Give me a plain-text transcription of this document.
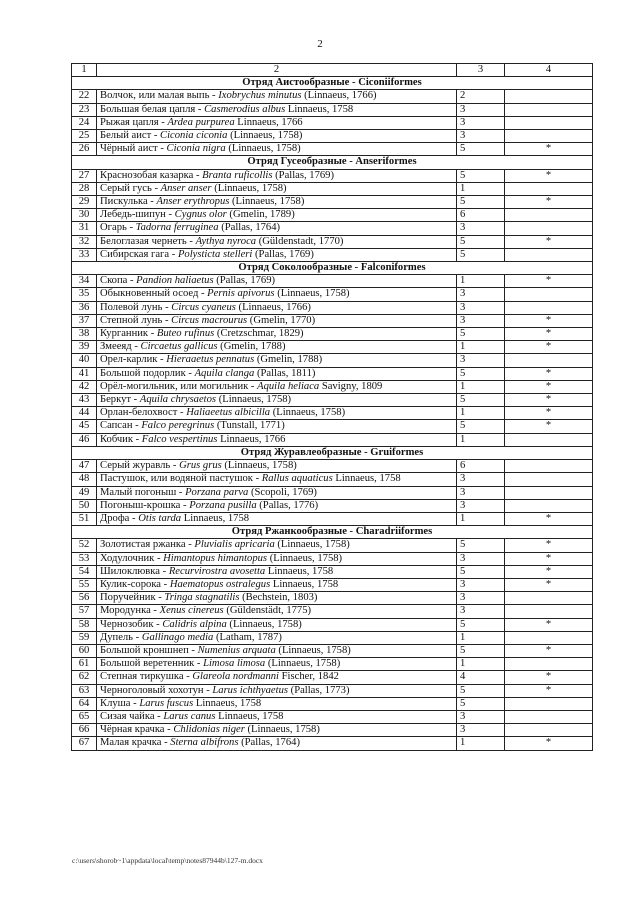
2
1	2	3	4
Отряд Аистообразные - Ciconiiformes			
22	Волчок, или малая выпь - Ixobrychus minutus (Linnaeus, 1766)	2	
23	Большая белая цапля - Casmerodius albus Linnaeus, 1758	3	
24	Рыжая цапля - Ardea purpurea Linnaeus, 1766	3	
25	Белый аист - Ciconia ciconia (Linnaeus, 1758)	3	
26	Чёрный аист - Ciconia nigra (Linnaeus, 1758)	5	*
Отряд Гусеобразные - Anseriformes			
27	Краснозобая казарка - Branta ruficollis (Pallas, 1769)	5	*
28	Серый гусь - Anser anser (Linnaeus, 1758)	1	
29	Пискулька - Anser erythropus (Linnaeus, 1758)	5	*
30	Лебедь-шипун - Cygnus olor (Gmelin, 1789)	6	
31	Огарь - Tadorna ferruginea (Pallas, 1764)	3	
32	Белоглазая чернеть - Aythya nyroca (Güldenstadt, 1770)	5	*
33	Сибирская гага - Polysticta stelleri (Pallas, 1769)	5	
Отряд Соколообразные - Falconiformes			
34	Скопа - Pandion haliaetus (Pallas, 1769)	1	*
35	Обыкновенный осоед - Pernis apivorus (Linnaeus, 1758)	3	
36	Полевой лунь - Circus cyaneus (Linnaeus, 1766)	3	
37	Степной лунь - Circus macrourus (Gmelin, 1770)	3	*
38	Курганник - Buteo rufinus (Cretzschmar, 1829)	5	*
39	Змееяд - Circaetus gallicus (Gmelin, 1788)	1	*
40	Орел-карлик - Hieraaetus pennatus (Gmelin, 1788)	3	
41	Большой подорлик - Aquila clanga (Pallas, 1811)	5	*
42	Орёл-могильник, или могильник - Aquila heliaca Savigny, 1809	1	*
43	Беркут - Aquila chrysaetos (Linnaeus, 1758)	5	*
44	Орлан-белохвост - Haliaeetus albicilla (Linnaeus, 1758)	1	*
45	Сапсан - Falco peregrinus (Tunstall, 1771)	5	*
46	Кобчик - Falco vespertinus Linnaeus, 1766	1	
Отряд Журавлеобразные - Gruiformes			
47	Серый журавль - Grus grus (Linnaeus, 1758)	6	
48	Пастушок, или водяной пастушок - Rallus aquaticus Linnaeus, 1758	3	
49	Малый погоныш - Porzana parva (Scopoli, 1769)	3	
50	Погоныш-крошка - Porzana pusilla (Pallas, 1776)	3	
51	Дрофа - Otis tarda Linnaeus, 1758	1	*
Отряд Ржанкообразные - Charadriiformes			
52	Золотистая ржанка - Pluvialis apricaria (Linnaeus, 1758)	5	*
53	Ходулочник - Himantopus himantopus (Linnaeus, 1758)	3	*
54	Шилоклювка - Recurvirostra avosetta Linnaeus, 1758	5	*
55	Кулик-сорока - Haematopus ostralegus Linnaeus, 1758	3	*
56	Поручейник - Tringa stagnatilis (Bechstein, 1803)	3	
57	Мородунка - Xenus cinereus (Güldenstädt, 1775)	3	
58	Чернозобик - Calidris alpina (Linnaeus, 1758)	5	*
59	Дупель - Gallinago media (Latham, 1787)	1	
60	Большой кроншнеп - Numenius arquata (Linnaeus, 1758)	5	*
61	Большой веретенник - Limosa limosa (Linnaeus, 1758)	1	
62	Степная тиркушка - Glareola nordmanni Fischer, 1842	4	*
63	Черноголовый хохотун - Larus ichthyaetus (Pallas, 1773)	5	*
64	Клуша - Larus fuscus Linnaeus, 1758	5	
65	Сизая чайка - Larus canus Linnaeus, 1758	3	
66	Чёрная крачка - Chlidonias niger (Linnaeus, 1758)	3	
67	Малая крачка - Sterna albifrons (Pallas, 1764)	1	*
c:\users\shorob~1\appdata\local\temp\notes87944b\127-m.docx
